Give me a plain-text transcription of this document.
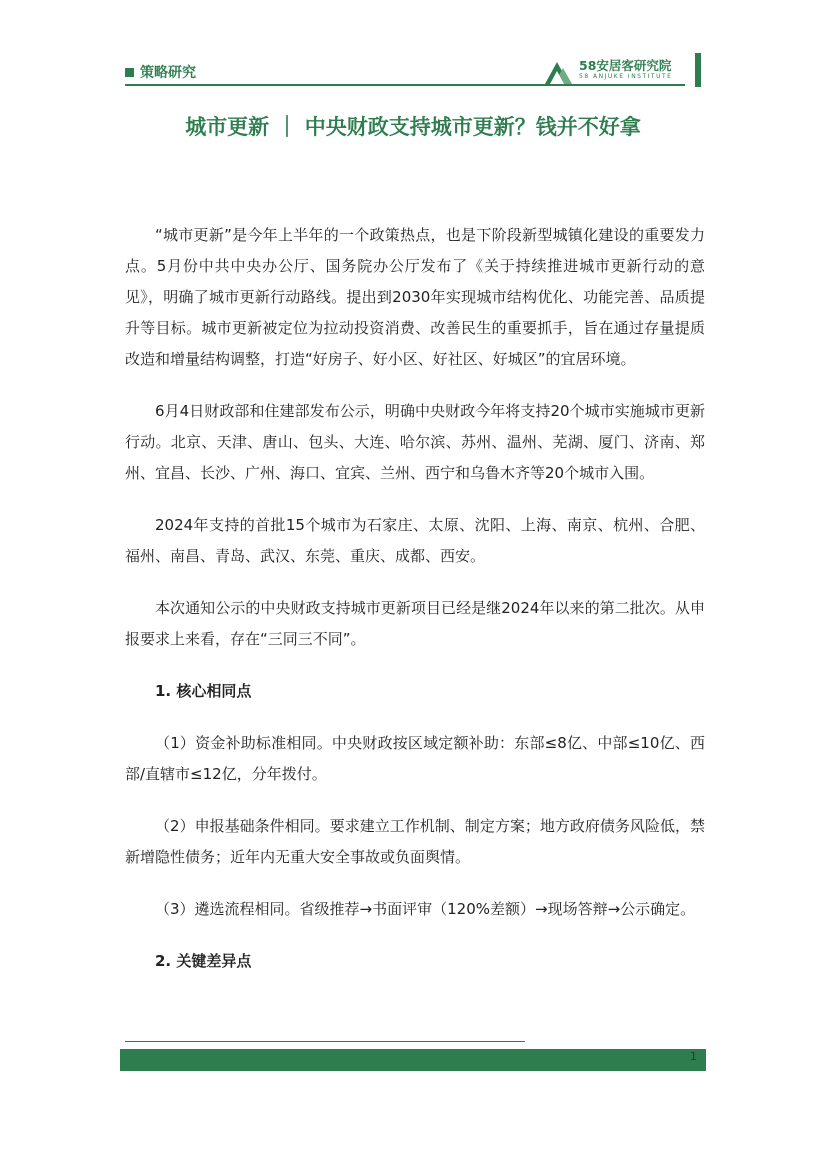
策略研究	58安居客研究院
58 ANJUKE INSTITUTE
城市更新 ｜ 中央财政支持城市更新？钱并不好拿

“城市更新”是今年上半年的一个政策热点，也是下阶段新型城镇化建设的重要发力点。5月份中共中央办公厅、国务院办公厅发布了《关于持续推进城市更新行动的意见》，明确了城市更新行动路线。提出到2030年实现城市结构优化、功能完善、品质提升等目标。城市更新被定位为拉动投资消费、改善民生的重要抓手，旨在通过存量提质改造和增量结构调整，打造“好房子、好小区、好社区、好城区”的宜居环境。

6月4日财政部和住建部发布公示，明确中央财政今年将支持20个城市实施城市更新行动。北京、天津、唐山、包头、大连、哈尔滨、苏州、温州、芜湖、厦门、济南、郑州、宜昌、长沙、广州、海口、宜宾、兰州、西宁和乌鲁木齐等20个城市入围。

2024年支持的首批15个城市为石家庄、太原、沈阳、上海、南京、杭州、合肥、福州、南昌、青岛、武汉、东莞、重庆、成都、西安。

本次通知公示的中央财政支持城市更新项目已经是继2024年以来的第二批次。从申报要求上来看，存在“三同三不同”。

1. 核心相同点

（1）资金补助标准相同。中央财政按区域定额补助：东部≤8亿、中部≤10亿、西部/直辖市≤12亿，分年拨付。

（2）申报基础条件相同。要求建立工作机制、制定方案；地方政府债务风险低，禁新增隐性债务；近年内无重大安全事故或负面舆情。

（3）遴选流程相同。省级推荐→书面评审（120%差额）→现场答辩→公示确定。

2. 关键差异点

1
